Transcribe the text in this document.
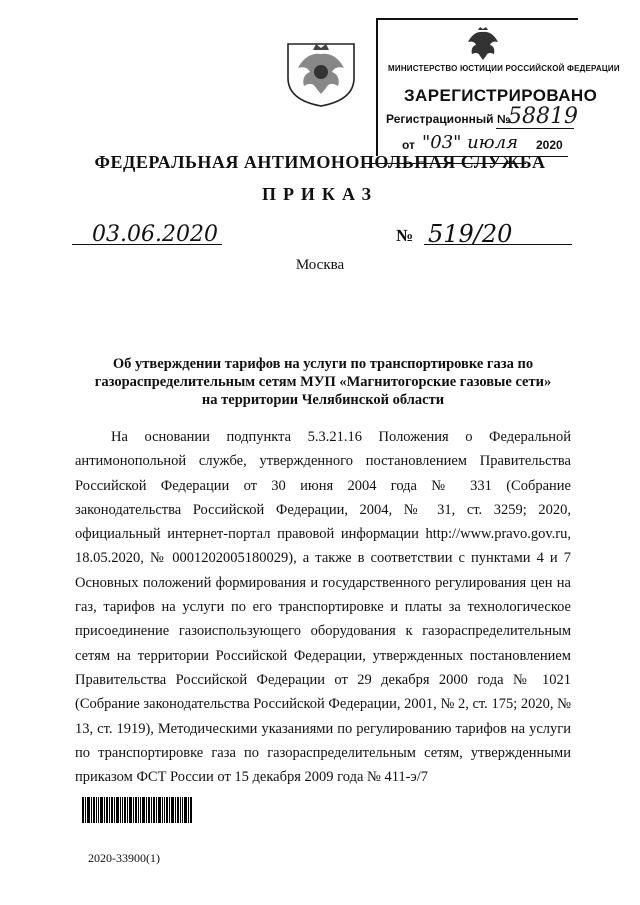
МИНИСТЕРСТВО ЮСТИЦИИ РОССИЙСКОЙ ФЕДЕРАЦИИ
ЗАРЕГИСТРИРОВАНО
Регистрационный №
58819
от "03" июля 2020
ФЕДЕРАЛЬНАЯ АНТИМОНОПОЛЬНАЯ СЛУЖБА
ПРИКАЗ
03.06.2020	№ 519/20
Москва
Об утверждении тарифов на услуги по транспортировке газа по газораспределительным сетям МУП «Магнитогорские газовые сети» на территории Челябинской области

На основании подпункта 5.3.21.16 Положения о Федеральной антимонопольной службе, утвержденного постановлением Правительства Российской Федерации от 30 июня 2004 года № 331 (Собрание законодательства Российской Федерации, 2004, № 31, ст. 3259; 2020, официальный интернет-портал правовой информации http://www.pravo.gov.ru, 18.05.2020, № 0001202005180029), а также в соответствии с пунктами 4 и 7 Основных положений формирования и государственного регулирования цен на газ, тарифов на услуги по его транспортировке и платы за технологическое присоединение газоиспользующего оборудования к газораспределительным сетям на территории Российской Федерации, утвержденных постановлением Правительства Российской Федерации от 29 декабря 2000 года № 1021 (Собрание законодательства Российской Федерации, 2001, № 2, ст. 175; 2020, № 13, ст. 1919), Методическими указаниями по регулированию тарифов на услуги по транспортировке газа по газораспределительным сетям, утвержденными приказом ФСТ России от 15 декабря 2009 года № 411-э/7

2020-33900(1)
